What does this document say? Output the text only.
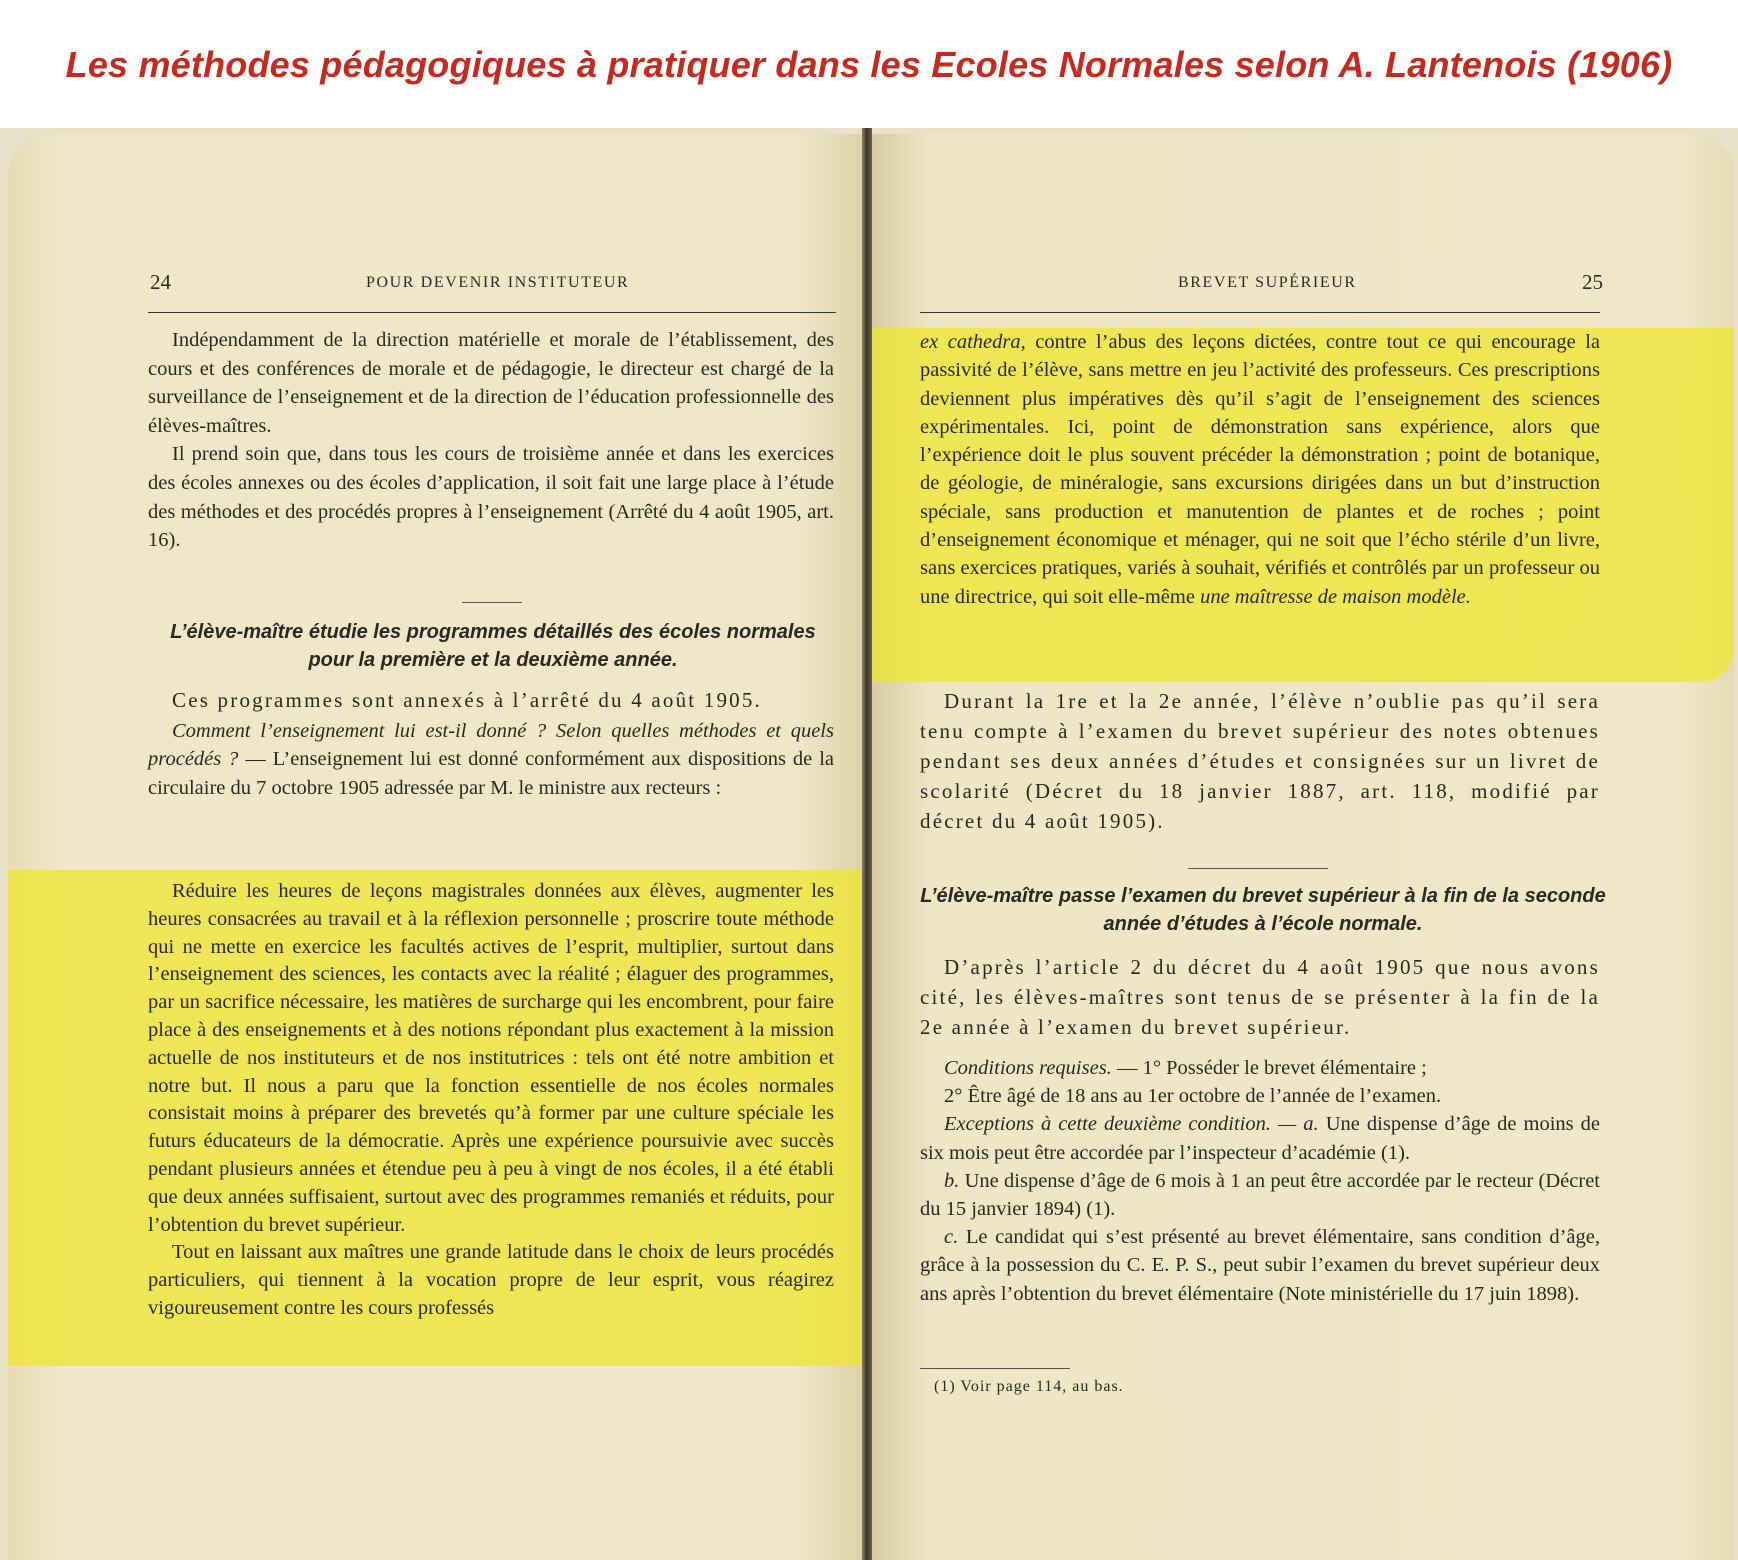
Les méthodes pédagogiques à pratiquer dans les Ecoles Normales selon A. Lantenois (1906)
24	POUR DEVENIR INSTITUTEUR

Indépendamment de la direction matérielle et morale de l’établissement, des cours et des conférences de morale et de pédagogie, le directeur est chargé de la surveillance de l’enseignement et de la direction de l’éducation professionnelle des élèves-maîtres.

Il prend soin que, dans tous les cours de troisième année et dans les exercices des écoles annexes ou des écoles d’application, il soit fait une large place à l’étude des méthodes et des procédés propres à l’enseignement (Arrêté du 4 août 1905, art. 16).

L’élève-maître étudie les programmes détaillés des écoles normales pour la première et la deuxième année.

Ces programmes sont annexés à l’arrêté du 4 août 1905.

Comment l’enseignement lui est-il donné ? Selon quelles méthodes et quels procédés ? — L’enseignement lui est donné conformément aux dispositions de la circulaire du 7 octobre 1905 adressée par M. le ministre aux recteurs :

Réduire les heures de leçons magistrales données aux élèves, augmenter les heures consacrées au travail et à la réflexion personnelle ; proscrire toute méthode qui ne mette en exercice les facultés actives de l’esprit, multiplier, surtout dans l’enseignement des sciences, les contacts avec la réalité ; élaguer des programmes, par un sacrifice nécessaire, les matières de surcharge qui les encombrent, pour faire place à des enseignements et à des notions répondant plus exactement à la mission actuelle de nos instituteurs et de nos institutrices : tels ont été notre ambition et notre but. Il nous a paru que la fonction essentielle de nos écoles normales consistait moins à préparer des brevetés qu’à former par une culture spéciale les futurs éducateurs de la démocratie. Après une expérience poursuivie avec succès pendant plusieurs années et étendue peu à peu à vingt de nos écoles, il a été établi que deux années suffisaient, surtout avec des programmes remaniés et réduits, pour l’obtention du brevet supérieur.

Tout en laissant aux maîtres une grande latitude dans le choix de leurs procédés particuliers, qui tiennent à la vocation propre de leur esprit, vous réagirez vigoureusement contre les cours professés

BREVET SUPÉRIEUR	25

ex cathedra, contre l’abus des leçons dictées, contre tout ce qui encourage la passivité de l’élève, sans mettre en jeu l’activité des professeurs. Ces prescriptions deviennent plus impératives dès qu’il s’agit de l’enseignement des sciences expérimentales. Ici, point de démonstration sans expérience, alors que l’expérience doit le plus souvent précéder la démonstration ; point de botanique, de géologie, de minéralogie, sans excursions dirigées dans un but d’instruction spéciale, sans production et manutention de plantes et de roches ; point d’enseignement économique et ménager, qui ne soit que l’écho stérile d’un livre, sans exercices pratiques, variés à souhait, vérifiés et contrôlés par un professeur ou une directrice, qui soit elle-même une maîtresse de maison modèle.

Durant la 1re et la 2e année, l’élève n’oublie pas qu’il sera tenu compte à l’examen du brevet supérieur des notes obtenues pendant ses deux années d’études et consignées sur un livret de scolarité (Décret du 18 janvier 1887, art. 118, modifié par décret du 4 août 1905).

L’élève-maître passe l’examen du brevet supérieur à la fin de la seconde année d’études à l’école normale.

D’après l’article 2 du décret du 4 août 1905 que nous avons cité, les élèves-maîtres sont tenus de se présenter à la fin de la 2e année à l’examen du brevet supérieur.

Conditions requises. — 1° Posséder le brevet élémentaire ;

2° Être âgé de 18 ans au 1er octobre de l’année de l’examen.

Exceptions à cette deuxième condition. — a. Une dispense d’âge de moins de six mois peut être accordée par l’inspecteur d’académie (1).

b. Une dispense d’âge de 6 mois à 1 an peut être accordée par le recteur (Décret du 15 janvier 1894) (1).

c. Le candidat qui s’est présenté au brevet élémentaire, sans condition d’âge, grâce à la possession du C. E. P. S., peut subir l’examen du brevet supérieur deux ans après l’obtention du brevet élémentaire (Note ministérielle du 17 juin 1898).

(1) Voir page 114, au bas.
